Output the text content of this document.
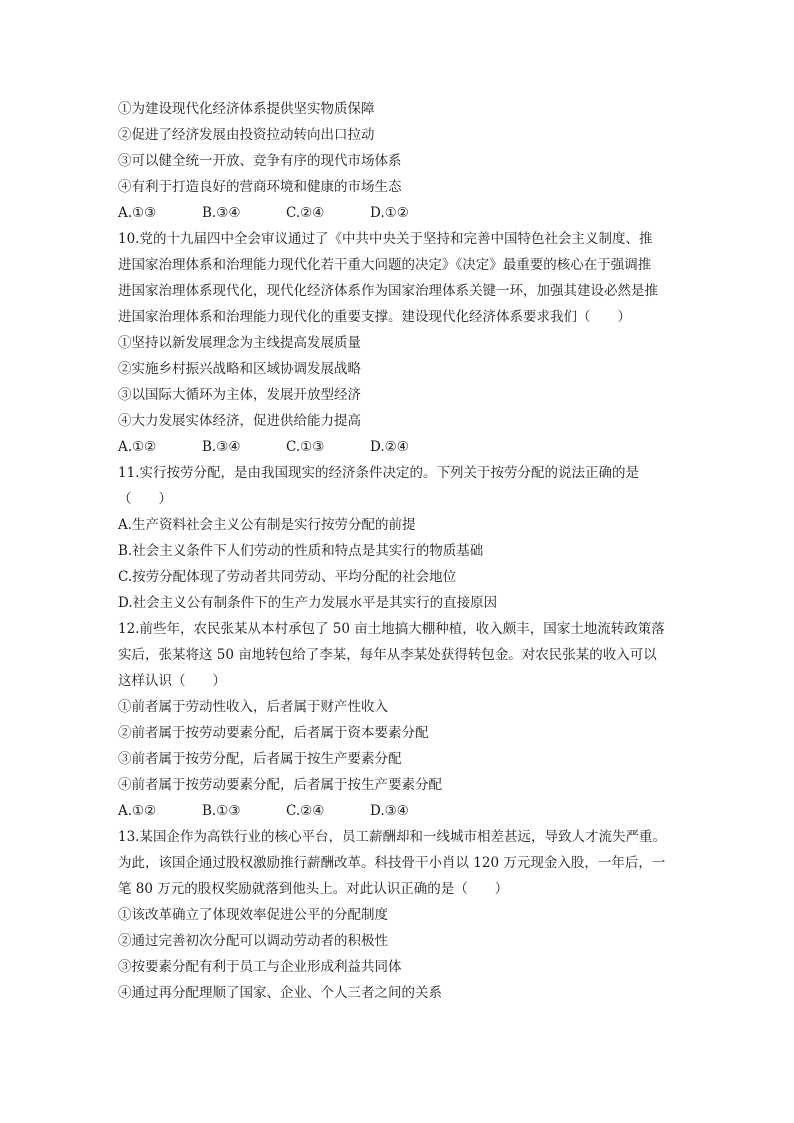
①为建设现代化经济体系提供坚实物质保障
②促进了经济发展由投资拉动转向出口拉动
③可以健全统一开放、竞争有序的现代市场体系
④有利于打造良好的营商环境和健康的市场生态
A.①③	B.③④	C.②④	D.①②
10.党的十九届四中全会审议通过了《中共中央关于坚持和完善中国特色社会主义制度、推
进国家治理体系和治理能力现代化若干重大问题的决定》《决定》最重要的核心在于强调推
进国家治理体系现代化，现代化经济体系作为国家治理体系关键一环，加强其建设必然是推
进国家治理体系和治理能力现代化的重要支撑。建设现代化经济体系要求我们（　　）
①坚持以新发展理念为主线提高发展质量
②实施乡村振兴战略和区域协调发展战略
③以国际大循环为主体，发展开放型经济
④大力发展实体经济，促进供给能力提高
A.①②	B.③④	C.①③	D.②④
11.实行按劳分配，是由我国现实的经济条件决定的。下列关于按劳分配的说法正确的是
（　　）
A.生产资料社会主义公有制是实行按劳分配的前提
B.社会主义条件下人们劳动的性质和特点是其实行的物质基础
C.按劳分配体现了劳动者共同劳动、平均分配的社会地位
D.社会主义公有制条件下的生产力发展水平是其实行的直接原因
12.前些年，农民张某从本村承包了 50 亩土地搞大棚种植，收入颇丰，国家土地流转政策落
实后，张某将这 50 亩地转包给了李某，每年从李某处获得转包金。对农民张某的收入可以
这样认识（　　）
①前者属于劳动性收入，后者属于财产性收入
②前者属于按劳动要素分配，后者属于资本要素分配
③前者属于按劳分配，后者属于按生产要素分配
④前者属于按劳动要素分配，后者属于按生产要素分配
A.①②	B.①③	C.②④	D.③④
13.某国企作为高铁行业的核心平台，员工薪酬却和一线城市相差甚远，导致人才流失严重。
为此，该国企通过股权激励推行薪酬改革。科技骨干小肖以 120 万元现金入股，一年后，一
笔 80 万元的股权奖励就落到他头上。对此认识正确的是（　　）
①该改革确立了体现效率促进公平的分配制度
②通过完善初次分配可以调动劳动者的积极性
③按要素分配有利于员工与企业形成利益共同体
④通过再分配理顺了国家、企业、个人三者之间的关系
